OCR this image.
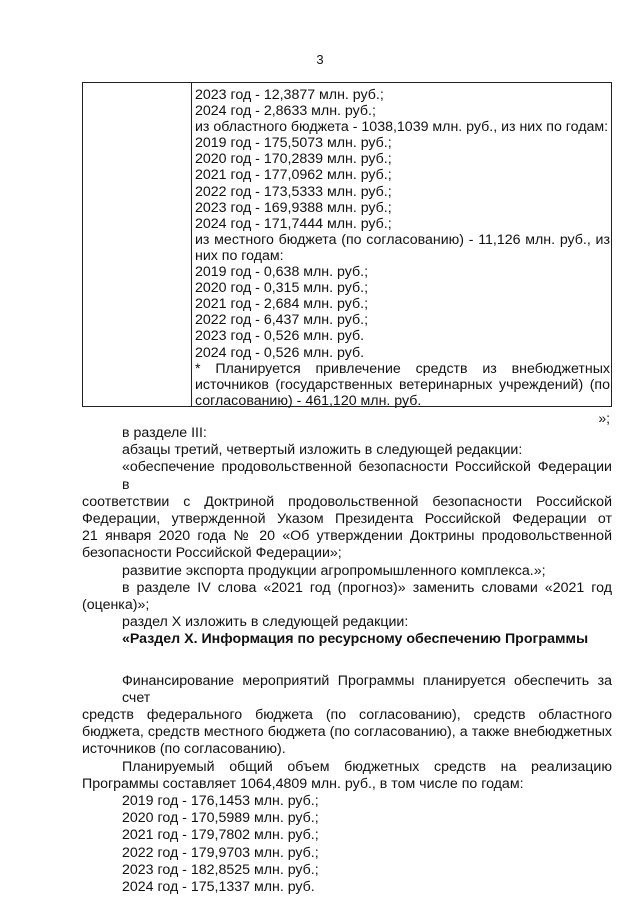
3
2023 год - 12,3877 млн. руб.;
2024 год - 2,8633 млн. руб.;
из областного бюджета - 1038,1039 млн. руб., из них по годам:
2019 год - 175,5073 млн. руб.;
2020 год - 170,2839 млн. руб.;
2021 год - 177,0962 млн. руб.;
2022 год - 173,5333 млн. руб.;
2023 год - 169,9388 млн. руб.;
2024 год - 171,7444 млн. руб.;
из местного бюджета (по согласованию) - 11,126 млн. руб., из
них по годам:
2019 год - 0,638 млн. руб.;
2020 год - 0,315 млн. руб.;
2021 год - 2,684 млн. руб.;
2022 год - 6,437 млн. руб.;
2023 год - 0,526 млн. руб.
2024 год - 0,526 млн. руб.
* Планируется привлечение средств из внебюджетных
источников (государственных ветеринарных учреждений) (по
согласованию) - 461,120 млн. руб.
»;
в разделе III:
абзацы третий, четвертый изложить в следующей редакции:
«обеспечение продовольственной безопасности Российской Федерации в
соответствии с Доктриной продовольственной безопасности Российской
Федерации, утвержденной Указом Президента Российской Федерации от
21 января 2020 года № 20 «Об утверждении Доктрины продовольственной
безопасности Российской Федерации»;
развитие экспорта продукции агропромышленного комплекса.»;
в разделе IV слова «2021 год (прогноз)» заменить словами «2021 год
(оценка)»;
раздел X изложить в следующей редакции:
«Раздел X. Информация по ресурсному обеспечению Программы
Финансирование мероприятий Программы планируется обеспечить за счет
средств федерального бюджета (по согласованию), средств областного
бюджета, средств местного бюджета (по согласованию), а также внебюджетных
источников (по согласованию).
Планируемый общий объем бюджетных средств на реализацию
Программы составляет 1064,4809 млн. руб., в том числе по годам:
2019 год - 176,1453 млн. руб.;
2020 год - 170,5989 млн. руб.;
2021 год - 179,7802 млн. руб.;
2022 год - 179,9703 млн. руб.;
2023 год - 182,8525 млн. руб.;
2024 год - 175,1337 млн. руб.
